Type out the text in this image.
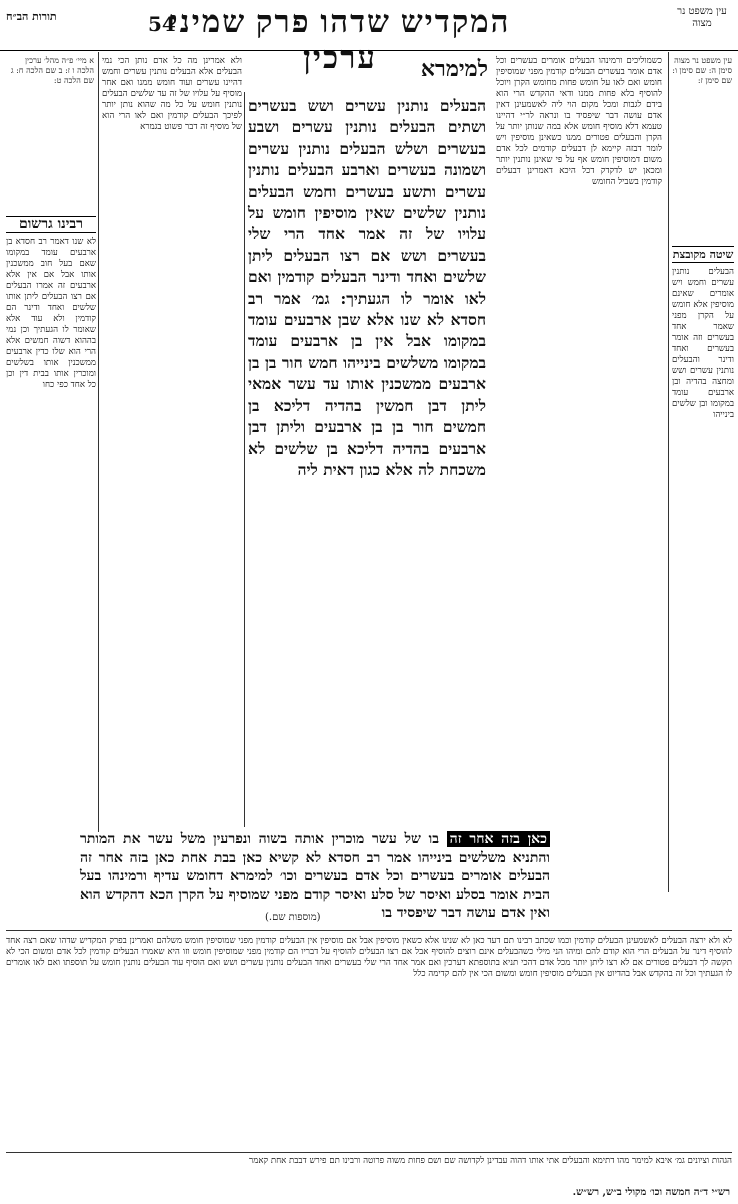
עין משפט נר מצוה
המקדיש שדהו פרק שמיני ערכין
54
תורות הב״ח
עין משפט נר מצוה סימן ה: שם סימן ו: שם סימן ז:
א מיי׳ פ״ה מהל׳ ערכין הלכה ו ז: ב שם הלכה ח: ג שם הלכה ט:
רבינו גרשום
לא שנו דאמר רב חסדא בן ארבעים עומד במקומו שאם בעל חוב ממשכנין אותו אבל אם אין אלא ארבעים זה אמרו הבעלים אם רצו הבעלים ליתן אותו שלשים ואחד ודינר הם קודמין ולא עוד אלא שאומר לו הגעתיך וכן נמי בההוא דשוה חמשים אלא הרי הוא שלו כדין ארבעים ממשכנין אותו בשלשים ומוכרין אותו בבית דין וכן כל אחד כפי כחו
ולא אמרינן מה כל אדם נותן הכי נמי הבעלים אלא הבעלים נותנין עשרים וחמש דהיינו עשרים ועוד חומש ממנו ואם אחר מוסיף על עלויו של זה עד שלשים הבעלים נותנין חומש על כל מה שהוא נותן יותר לפיכך הבעלים קודמין ואם לאו הרי הוא של מוסיף זה דבר פשוט בגמרא
כשמוליכים ורמינהו הבעלים אומרים בעשרים וכל אדם אומר בעשרים הבעלים קודמין מפני שמוסיפין חומש ואם לאו על חומש פחות מחומש הקרן ויוכל להוסיף בלא פחות ממנו ודאי ההקדש הרי הוא בידם לגבות ומכל מקום הוי ליה לאשמעינן דאין אדם עושה דבר שיפסיד בו ונראה לר״י דהיינו טעמא דלא מוסיף חומש אלא במה שנותן יותר על הקרן והבעלים פטורים ממנו כשאינן מוסיפין ויש לומר דבזה קיימא לן דבעלים קודמים לכל אדם משום דמוסיפין חומש אף על פי שאינן נותנין יותר ומכאן יש לדקדק דכל היכא דאמרינן דבעלים קודמין בשביל החומש
שיטה מקובצת
הבעלים נותנין עשרים וחמש ויש אומרים שאינם מוסיפין אלא חומש על הקרן מפני שאמר אחד בעשרים וזה אומר בעשרים ואחד ודינר והבעלים נותנין עשרים ושש ומחצה בהדיה ובן ארבעים עומד במקומו ובן שלשים בינייהו
למימרא
הבעלים נותנין עשרים ושש בעשרים ושתים הבעלים נותנין עשרים ושבע בעשרים ושלש הבעלים נותנין עשרים ושמונה בעשרים וארבע הבעלים נותנין עשרים ותשע בעשרים וחמש הבעלים נותנין שלשים שאין מוסיפין חומש על עלויו של זה אמר אחד הרי שלי בעשרים ושש אם רצו הבעלים ליתן שלשים ואחד ודינר הבעלים קודמין ואם לאו אומר לו הגעתיך: גמ׳ אמר רב חסדא לא שנו אלא שבן ארבעים עומד במקומו אבל אין בן ארבעים עומד במקומו משלשים בינייהו חמש חור בן בן ארבעים ממשכנין אותו עד עשר אמאי ליתן דבן חמשין בהדיה דליכא בן חמשים חור בן בן ארבעים וליתן דבן ארבעים בהדיה דליכא בן שלשים לא משכחת לה אלא כגון דאית ליה
כאן בזה אחר זה בו של עשר מוכרין אותה בשוה ונפרעין משל עשר את המותר והתניא משלשים בינייהו אמר רב חסדא לא קשיא כאן בבת אחת כאן בזה אחר זה הבעלים אומרים בעשרים וכל אדם בעשרים וכו׳ למימרא דחומש עדיף ורמינהו בעל הבית אומר בסלע ואיסר של סלע ואיסר קודם מפני שמוסיף על הקרן הכא דהקדש הוא ואין אדם עושה דבר שיפסיד בו
(מוספות שם.)
לא ולא ירצה הבעלים לאשמעינן הבעלים קודמין וכמו שכתב רבינו תם דעד כאן לא שנינו אלא כשאין מוסיפין אבל אם מוסיפין אין הבעלים קודמין מפני שמוסיפין חומש משלהם ואמרינן בפרק המקדיש שדהו שאם רצה אחד להוסיף דינר על הבעלים הרי הוא קודם להם ומיהו הני מילי כשהבעלים אינם רוצים להוסיף אבל אם רצו הבעלים להוסיף על דבריו הם קודמין מפני שמוסיפין חומש וזו היא שאמרו הבעלים קודמין לכל אדם ומשום הכי לא תקשה לך דבעלים פטורים אם לא רצו ליתן יותר מכל אדם דהכי תניא בתוספתא דערכין ואם אמר אחד הרי שלי בעשרים ואחד הבעלים נותנין עשרים ושש ואם הוסיף עוד הבעלים נותנין חומש על תוספתו ואם לאו אומרים לו הגעתיך וכל זה בהקדש אבל בהדיוט אין הבעלים מוסיפין חומש ומשום הכי אין להם קדימה כלל
הגהות וציונים גמ׳ איבא למימר מהו דתימא והבעלים אתי אותו דהוה עבדינן לקדושה שם ושם פחות משוה פרוטה ורבינו תם פירש דבבת אחת קאמר
רש״י ד״ה חמשה וכו׳ מקולי ב״ש, רש״ש.
